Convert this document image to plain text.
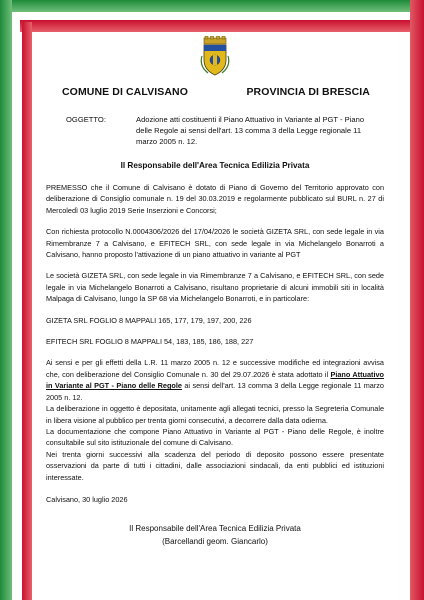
COMUNE DI CALVISANO	PROVINCIA DI BRESCIA
OGGETTO:	Adozione atti costituenti il Piano Attuativo in Variante al PGT - Piano delle Regole ai sensi dell'art. 13 comma 3 della Legge regionale 11 marzo 2005 n. 12.
Il Responsabile dell'Area Tecnica Edilizia Privata

PREMESSO che il Comune di Calvisano è dotato di Piano di Governo del Territorio approvato con deliberazione di Consiglio comunale n. 19 del 30.03.2019 e regolarmente pubblicato sul BURL n. 27 di Mercoledì 03 luglio 2019 Serie Inserzioni e Concorsi;

Con richiesta protocollo N.0004306/2026 del 17/04/2026 le società GIZETA SRL, con sede legale in via Rimembranze 7 a Calvisano, e EFITECH SRL, con sede legale in via Michelangelo Bonarroti a Calvisano, hanno proposto l'attivazione di un piano attuativo in variante al PGT

Le società GIZETA SRL, con sede legale in via Rimembranze 7 a Calvisano, e EFITECH SRL, con sede legale in via Michelangelo Bonarroti a Calvisano, risultano proprietarie di alcuni immobili siti in località Malpaga di Calvisano, lungo la SP 68 via Michelangelo Bonarroti, e in particolare:

GIZETA SRL FOGLIO 8 MAPPALI 165, 177, 179, 197, 200, 226

EFITECH SRL FOGLIO 8 MAPPALI 54, 183, 185, 186, 188, 227

Ai sensi e per gli effetti della L.R. 11 marzo 2005 n. 12 e successive modifiche ed integrazioni avvisa che, con deliberazione del Consiglio Comunale n. 30 del 29.07.2026 è stata adottato il Piano Attuativo in Variante al PGT - Piano delle Regole ai sensi dell'art. 13 comma 3 della Legge regionale 11 marzo 2005 n. 12.

La deliberazione in oggetto è depositata, unitamente agli allegati tecnici, presso la Segreteria Comunale in libera visione al pubblico per trenta giorni consecutivi, a decorrere dalla data odierna.

La documentazione che compone Piano Attuativo in Variante al PGT - Piano delle Regole, è inoltre consultabile sul sito istituzionale del comune di Calvisano.

Nei trenta giorni successivi alla scadenza del periodo di deposito possono essere presentate osservazioni da parte di tutti i cittadini, dalle associazioni sindacali, da enti pubblici ed istituzioni interessate.

Calvisano, 30 luglio 2026
Il Responsabile dell'Area Tecnica Edilizia Privata
(Barcellandi geom. Giancarlo)
